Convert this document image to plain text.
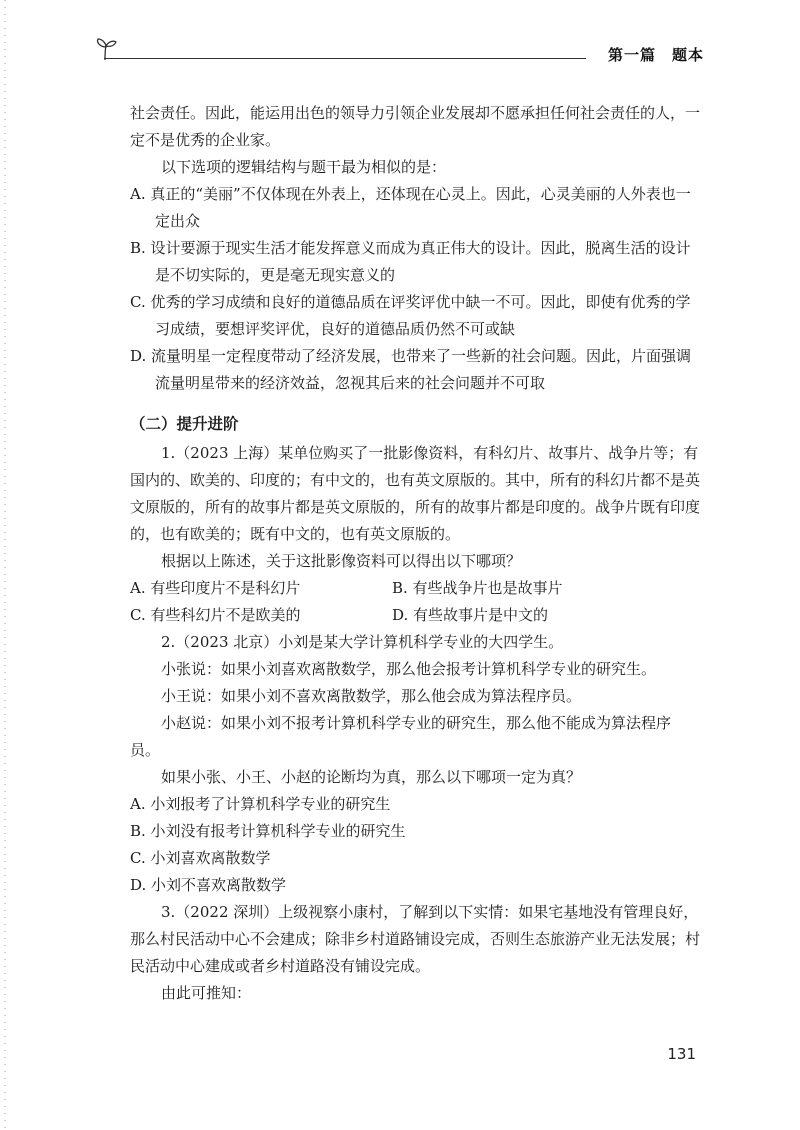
第一篇　题本

社会责任。因此，能运用出色的领导力引领企业发展却不愿承担任何社会责任的人，一定不是优秀的企业家。

以下选项的逻辑结构与题干最为相似的是：

A. 真正的“美丽”不仅体现在外表上，还体现在心灵上。因此，心灵美丽的人外表也一定出众

B. 设计要源于现实生活才能发挥意义而成为真正伟大的设计。因此，脱离生活的设计是不切实际的，更是毫无现实意义的

C. 优秀的学习成绩和良好的道德品质在评奖评优中缺一不可。因此，即使有优秀的学习成绩，要想评奖评优，良好的道德品质仍然不可或缺

D. 流量明星一定程度带动了经济发展，也带来了一些新的社会问题。因此，片面强调流量明星带来的经济效益，忽视其后来的社会问题并不可取

（二）提升进阶

1.（2023 上海）某单位购买了一批影像资料，有科幻片、故事片、战争片等；有国内的、欧美的、印度的；有中文的，也有英文原版的。其中，所有的科幻片都不是英文原版的，所有的故事片都是英文原版的，所有的故事片都是印度的。战争片既有印度的，也有欧美的；既有中文的，也有英文原版的。

根据以上陈述，关于这批影像资料可以得出以下哪项？

A. 有些印度片不是科幻片	B. 有些战争片也是故事片
C. 有些科幻片不是欧美的	D. 有些故事片是中文的

2.（2023 北京）小刘是某大学计算机科学专业的大四学生。

小张说：如果小刘喜欢离散数学，那么他会报考计算机科学专业的研究生。

小王说：如果小刘不喜欢离散数学，那么他会成为算法程序员。

小赵说：如果小刘不报考计算机科学专业的研究生，那么他不能成为算法程序员。

如果小张、小王、小赵的论断均为真，那么以下哪项一定为真？

A. 小刘报考了计算机科学专业的研究生

B. 小刘没有报考计算机科学专业的研究生

C. 小刘喜欢离散数学

D. 小刘不喜欢离散数学

3.（2022 深圳）上级视察小康村，了解到以下实情：如果宅基地没有管理良好，那么村民活动中心不会建成；除非乡村道路铺设完成，否则生态旅游产业无法发展；村民活动中心建成或者乡村道路没有铺设完成。

由此可推知：

131
